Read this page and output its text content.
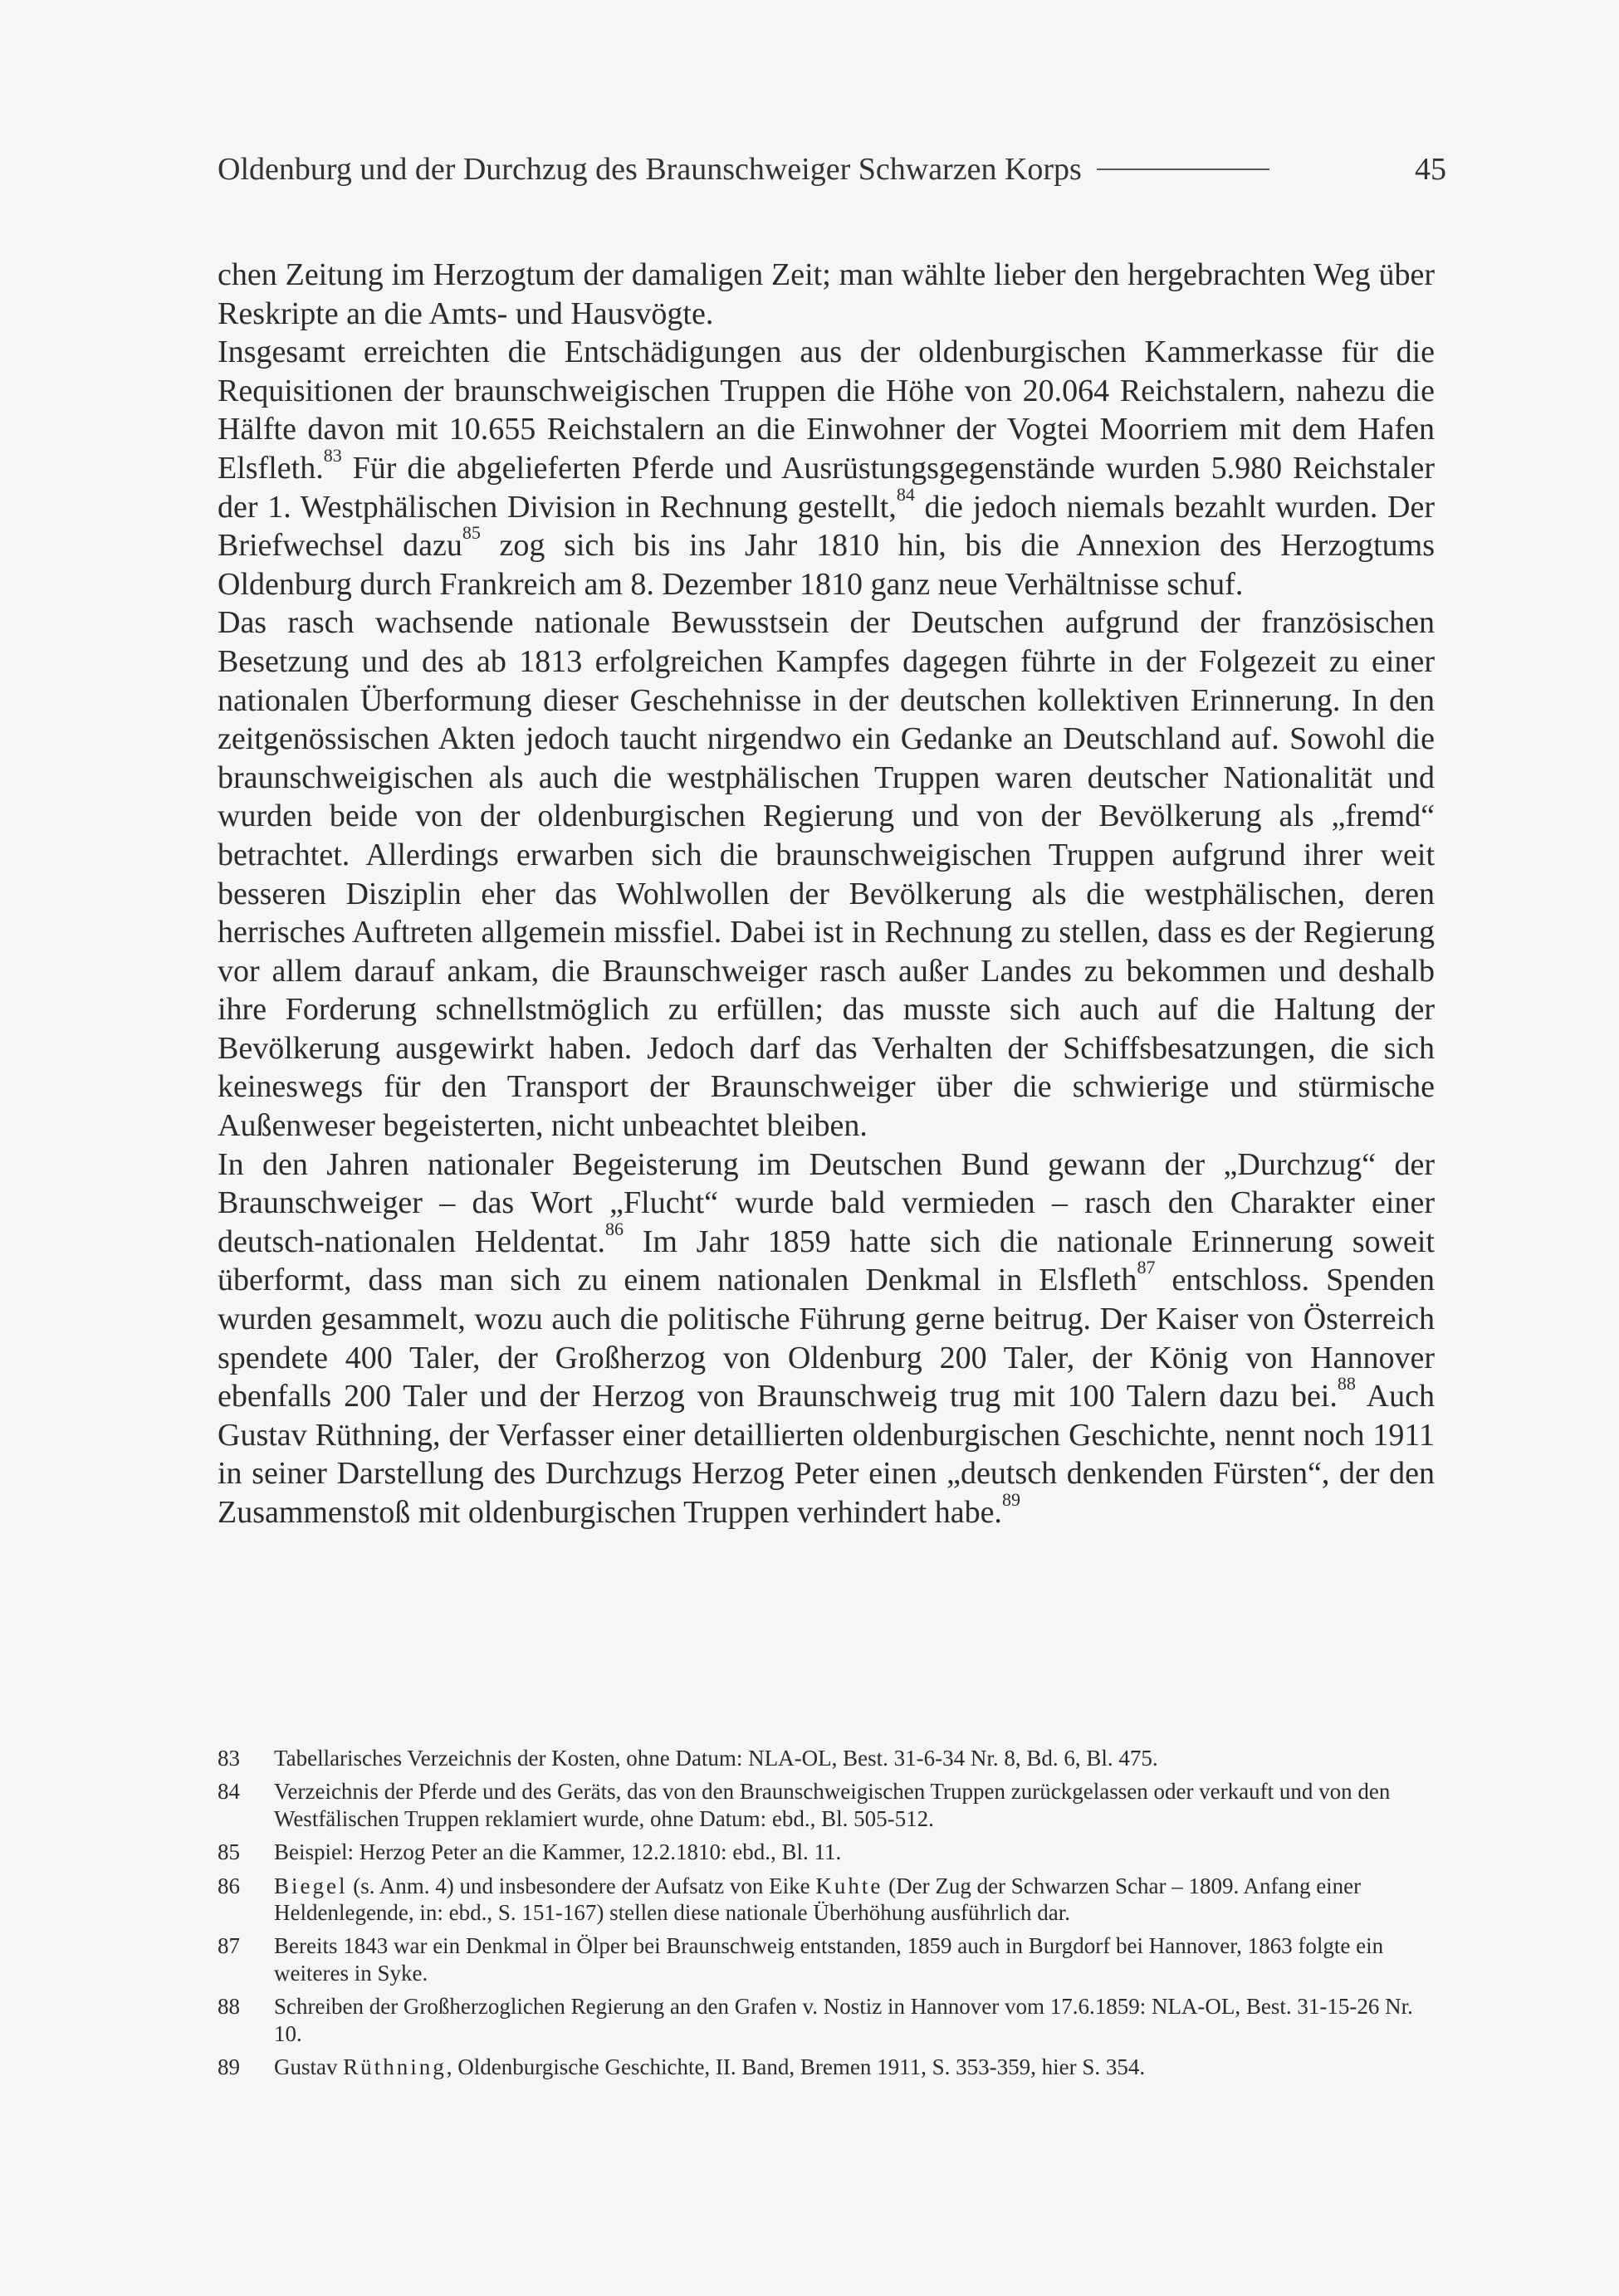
Oldenburg und der Durchzug des Braunschweiger Schwarzen Korps	45

chen Zeitung im Herzogtum der damaligen Zeit; man wählte lieber den hergebrachten Weg über Reskripte an die Amts- und Hausvögte.

Insgesamt erreichten die Entschädigungen aus der oldenburgischen Kammerkasse für die Requisitionen der braunschweigischen Truppen die Höhe von 20.064 Reichstalern, nahezu die Hälfte davon mit 10.655 Reichstalern an die Einwohner der Vogtei Moorriem mit dem Hafen Elsfleth.$^{83}$ Für die abgelieferten Pferde und Ausrüstungsgegenstände wurden 5.980 Reichstaler der 1. Westphälischen Division in Rechnung gestellt,$^{84}$ die jedoch niemals bezahlt wurden. Der Briefwechsel dazu$^{85}$ zog sich bis ins Jahr 1810 hin, bis die Annexion des Herzogtums Oldenburg durch Frankreich am 8. Dezember 1810 ganz neue Verhältnisse schuf.

Das rasch wachsende nationale Bewusstsein der Deutschen aufgrund der französischen Besetzung und des ab 1813 erfolgreichen Kampfes dagegen führte in der Folgezeit zu einer nationalen Überformung dieser Geschehnisse in der deutschen kollektiven Erinnerung. In den zeitgenössischen Akten jedoch taucht nirgendwo ein Gedanke an Deutschland auf. Sowohl die braunschweigischen als auch die westphälischen Truppen waren deutscher Nationalität und wurden beide von der oldenburgischen Regierung und von der Bevölkerung als „fremd“ betrachtet. Allerdings erwarben sich die braunschweigischen Truppen aufgrund ihrer weit besseren Disziplin eher das Wohlwollen der Bevölkerung als die westphälischen, deren herrisches Auftreten allgemein missfiel. Dabei ist in Rechnung zu stellen, dass es der Regierung vor allem darauf ankam, die Braunschweiger rasch außer Landes zu bekommen und deshalb ihre Forderung schnellstmöglich zu erfüllen; das musste sich auch auf die Haltung der Bevölkerung ausgewirkt haben. Jedoch darf das Verhalten der Schiffsbesatzungen, die sich keineswegs für den Transport der Braunschweiger über die schwierige und stürmische Außenweser begeisterten, nicht unbeachtet bleiben.

In den Jahren nationaler Begeisterung im Deutschen Bund gewann der „Durchzug“ der Braunschweiger – das Wort „Flucht“ wurde bald vermieden – rasch den Charakter einer deutsch-nationalen Heldentat.$^{86}$ Im Jahr 1859 hatte sich die nationale Erinnerung soweit überformt, dass man sich zu einem nationalen Denkmal in Elsfleth$^{87}$ entschloss. Spenden wurden gesammelt, wozu auch die politische Führung gerne beitrug. Der Kaiser von Österreich spendete 400 Taler, der Großherzog von Oldenburg 200 Taler, der König von Hannover ebenfalls 200 Taler und der Herzog von Braunschweig trug mit 100 Talern dazu bei.$^{88}$ Auch Gustav Rüthning, der Verfasser einer detaillierten oldenburgischen Geschichte, nennt noch 1911 in seiner Darstellung des Durchzugs Herzog Peter einen „deutsch denkenden Fürsten“, der den Zusammenstoß mit oldenburgischen Truppen verhindert habe.$^{89}$

83	Tabellarisches Verzeichnis der Kosten, ohne Datum: NLA-OL, Best. 31-6-34 Nr. 8, Bd. 6, Bl. 475.
84	Verzeichnis der Pferde und des Geräts, das von den Braunschweigischen Truppen zurückgelassen oder verkauft und von den Westfälischen Truppen reklamiert wurde, ohne Datum: ebd., Bl. 505-512.
85	Beispiel: Herzog Peter an die Kammer, 12.2.1810: ebd., Bl. 11.
86	Biegel (s. Anm. 4) und insbesondere der Aufsatz von Eike Kuhte (Der Zug der Schwarzen Schar – 1809. Anfang einer Heldenlegende, in: ebd., S. 151-167) stellen diese nationale Überhöhung ausführlich dar.
87	Bereits 1843 war ein Denkmal in Ölper bei Braunschweig entstanden, 1859 auch in Burgdorf bei Hannover, 1863 folgte ein weiteres in Syke.
88	Schreiben der Großherzoglichen Regierung an den Grafen v. Nostiz in Hannover vom 17.6.1859: NLA-OL, Best. 31-15-26 Nr. 10.
89	Gustav Rüthning, Oldenburgische Geschichte, II. Band, Bremen 1911, S. 353-359, hier S. 354.
